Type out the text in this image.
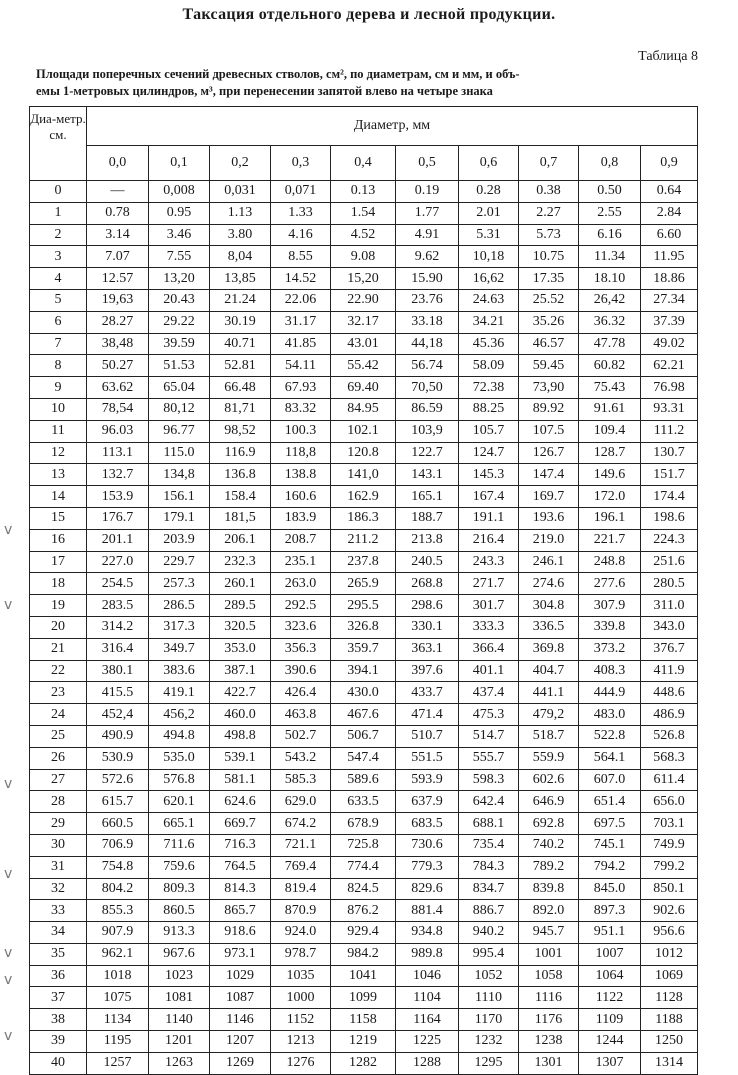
Таксация отдельного дерева и лесной продукции.
Таблица 8
Площади поперечных сечений древесных стволов, см², по диаметрам, см и мм, и объ-
емы 1-метровых цилиндров, м³, при перенесении запятой влево на четыре знака
Диа-метр. см.	Диаметр, мм									
	0,0	0,1	0,2	0,3	0,4	0,5	0,6	0,7	0,8	0,9
0	—	0,008	0,031	0,071	0.13	0.19	0.28	0.38	0.50	0.64
1	0.78	0.95	1.13	1.33	1.54	1.77	2.01	2.27	2.55	2.84
2	3.14	3.46	3.80	4.16	4.52	4.91	5.31	5.73	6.16	6.60
3	7.07	7.55	8,04	8.55	9.08	9.62	10,18	10.75	11.34	11.95
4	12.57	13,20	13,85	14.52	15,20	15.90	16,62	17.35	18.10	18.86
5	19,63	20.43	21.24	22.06	22.90	23.76	24.63	25.52	26,42	27.34
6	28.27	29.22	30.19	31.17	32.17	33.18	34.21	35.26	36.32	37.39
7	38,48	39.59	40.71	41.85	43.01	44,18	45.36	46.57	47.78	49.02
8	50.27	51.53	52.81	54.11	55.42	56.74	58.09	59.45	60.82	62.21
9	63.62	65.04	66.48	67.93	69.40	70,50	72.38	73,90	75.43	76.98
10	78,54	80,12	81,71	83.32	84.95	86.59	88.25	89.92	91.61	93.31
11	96.03	96.77	98,52	100.3	102.1	103,9	105.7	107.5	109.4	111.2
12	113.1	115.0	116.9	118,8	120.8	122.7	124.7	126.7	128.7	130.7
13	132.7	134,8	136.8	138.8	141,0	143.1	145.3	147.4	149.6	151.7
14	153.9	156.1	158.4	160.6	162.9	165.1	167.4	169.7	172.0	174.4
15	176.7	179.1	181,5	183.9	186.3	188.7	191.1	193.6	196.1	198.6
16	201.1	203.9	206.1	208.7	211.2	213.8	216.4	219.0	221.7	224.3
17	227.0	229.7	232.3	235.1	237.8	240.5	243.3	246.1	248.8	251.6
18	254.5	257.3	260.1	263.0	265.9	268.8	271.7	274.6	277.6	280.5
19	283.5	286.5	289.5	292.5	295.5	298.6	301.7	304.8	307.9	311.0
20	314.2	317.3	320.5	323.6	326.8	330.1	333.3	336.5	339.8	343.0
21	316.4	349.7	353.0	356.3	359.7	363.1	366.4	369.8	373.2	376.7
22	380.1	383.6	387.1	390.6	394.1	397.6	401.1	404.7	408.3	411.9
23	415.5	419.1	422.7	426.4	430.0	433.7	437.4	441.1	444.9	448.6
24	452,4	456,2	460.0	463.8	467.6	471.4	475.3	479,2	483.0	486.9
25	490.9	494.8	498.8	502.7	506.7	510.7	514.7	518.7	522.8	526.8
26	530.9	535.0	539.1	543.2	547.4	551.5	555.7	559.9	564.1	568.3
27	572.6	576.8	581.1	585.3	589.6	593.9	598.3	602.6	607.0	611.4
28	615.7	620.1	624.6	629.0	633.5	637.9	642.4	646.9	651.4	656.0
29	660.5	665.1	669.7	674.2	678.9	683.5	688.1	692.8	697.5	703.1
30	706.9	711.6	716.3	721.1	725.8	730.6	735.4	740.2	745.1	749.9
31	754.8	759.6	764.5	769.4	774.4	779.3	784.3	789.2	794.2	799.2
32	804.2	809.3	814.3	819.4	824.5	829.6	834.7	839.8	845.0	850.1
33	855.3	860.5	865.7	870.9	876.2	881.4	886.7	892.0	897.3	902.6
34	907.9	913.3	918.6	924.0	929.4	934.8	940.2	945.7	951.1	956.6
35	962.1	967.6	973.1	978.7	984.2	989.8	995.4	1001	1007	1012
36	1018	1023	1029	1035	1041	1046	1052	1058	1064	1069
37	1075	1081	1087	1000	1099	1104	1110	1116	1122	1128
38	1134	1140	1146	1152	1158	1164	1170	1176	1109	1188
39	1195	1201	1207	1213	1219	1225	1232	1238	1244	1250
40	1257	1263	1269	1276	1282	1288	1295	1301	1307	1314
v
v
v
v
v
v
v
